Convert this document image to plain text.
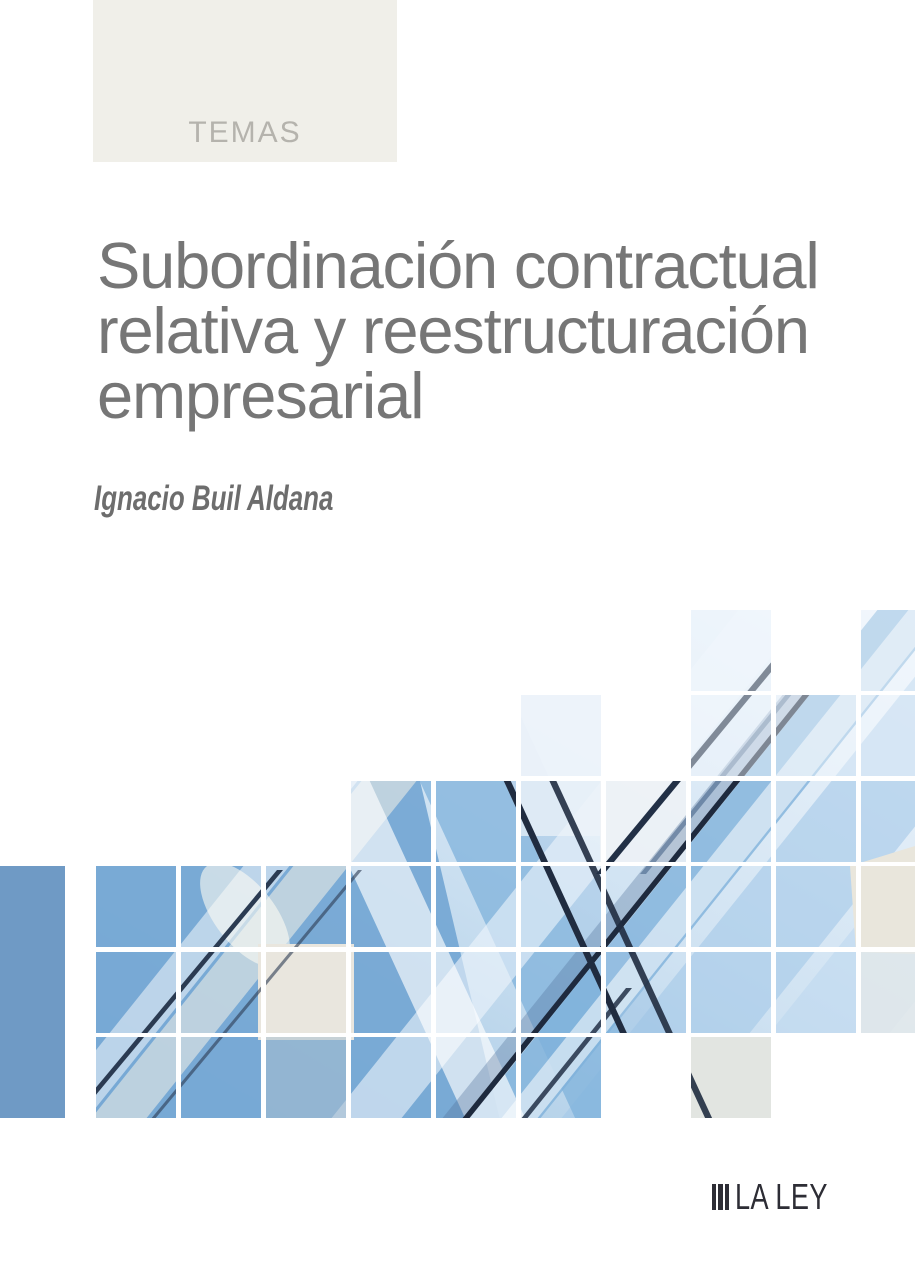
TEMAS
Subordinación contractual
relativa y reestructuración
empresarial
Ignacio Buil Aldana
LA LEY
